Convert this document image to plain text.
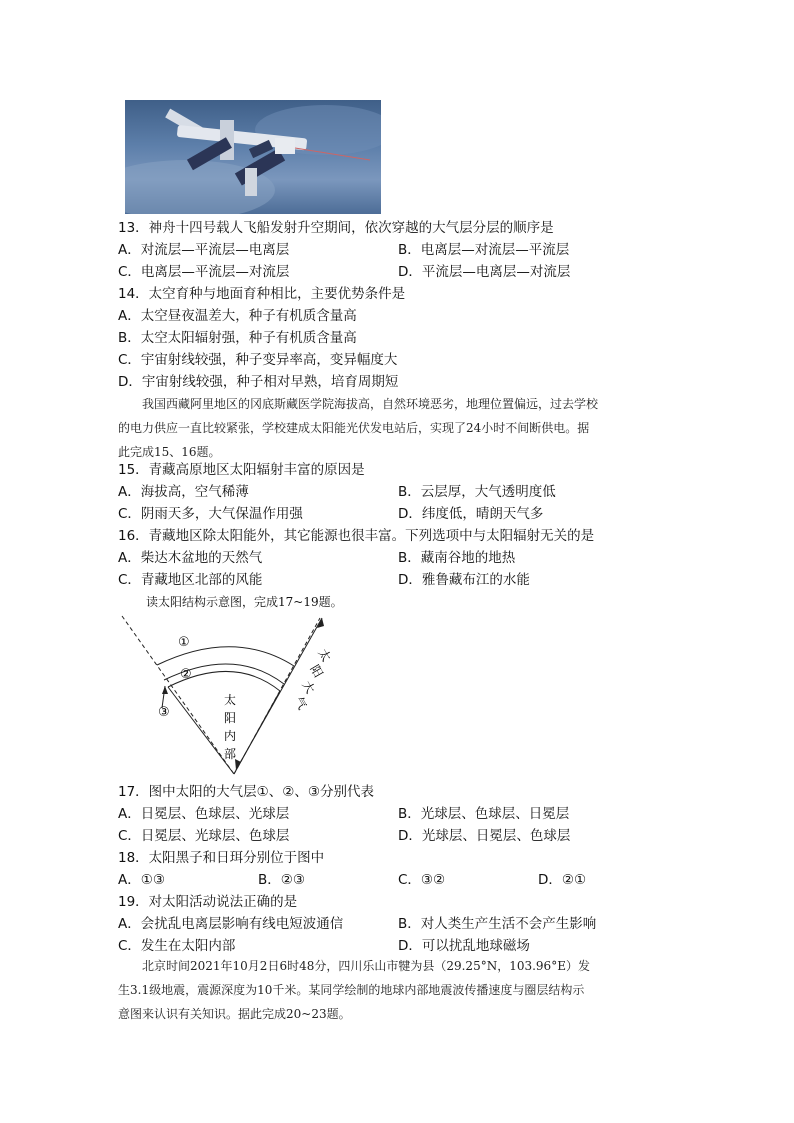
13．神舟十四号载人飞船发射升空期间，依次穿越的大气层分层的顺序是
A．对流层—平流层—电离层	B．电离层—对流层—平流层
C．电离层—平流层—对流层	D．平流层—电离层—对流层
14．太空育种与地面育种相比，主要优势条件是
A．太空昼夜温差大，种子有机质含量高
B．太空太阳辐射强，种子有机质含量高
C．宇宙射线较强，种子变异率高，变异幅度大
D．宇宙射线较强，种子相对早熟，培育周期短

我国西藏阿里地区的冈底斯藏医学院海拔高，自然环境恶劣，地理位置偏远，过去学校

的电力供应一直比较紧张，学校建成太阳能光伏发电站后，实现了24小时不间断供电。据

此完成15、16题。

15．青藏高原地区太阳辐射丰富的原因是
A．海拔高，空气稀薄	B．云层厚，大气透明度低
C．阴雨天多，大气保温作用强	D．纬度低，晴朗天气多
16．青藏地区除太阳能外，其它能源也很丰富。下列选项中与太阳辐射无关的是
A．柴达木盆地的天然气	B．藏南谷地的地热
C．青藏地区北部的风能	D．雅鲁藏布江的水能
读太阳结构示意图，完成17~19题。
①
②
③
太
阳
内
部
太
阳
大
气
17．图中太阳的大气层①、②、③分别代表
A．日冕层、色球层、光球层	B．光球层、色球层、日冕层
C．日冕层、光球层、色球层	D．光球层、日冕层、色球层
18．太阳黑子和日珥分别位于图中
A．①③	B．②③	C．③②	D．②①
19．对太阳活动说法正确的是
A．会扰乱电离层影响有线电短波通信	B．对人类生产生活不会产生影响
C．发生在太阳内部	D．可以扰乱地球磁场

北京时间2021年10月2日6时48分，四川乐山市犍为县（29.25°N，103.96°E）发

生3.1级地震，震源深度为10千米。某同学绘制的地球内部地震波传播速度与圈层结构示

意图来认识有关知识。据此完成20~23题。
